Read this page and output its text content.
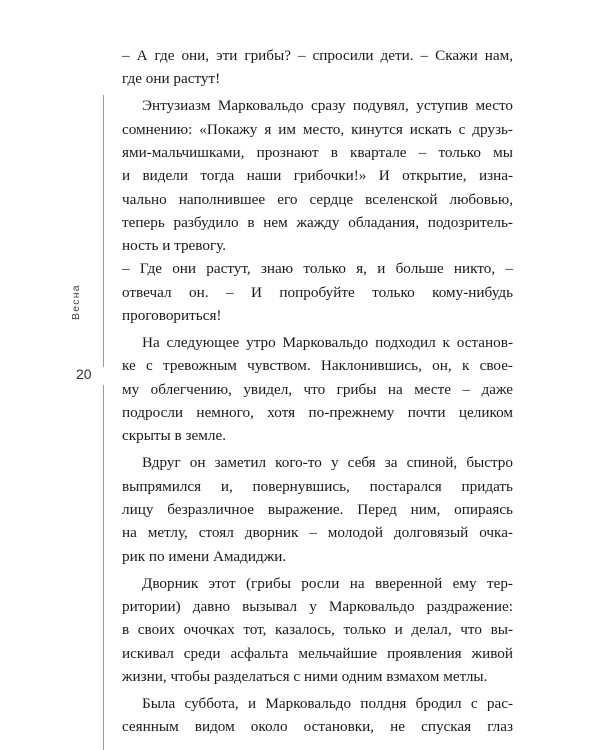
Весна
20

– А где они, эти грибы? – спросили дети. – Скажи нам,
где они растут!

Энтузиазм Марковальдо сразу подувял, уступив место
сомнению: «Покажу я им место, кинутся искать с друзь-
ями-мальчишками, прознают в квартале – только мы
и видели тогда наши грибочки!» И открытие, изна-
чально наполнившее его сердце вселенской любовью,
теперь разбудило в нем жажду обладания, подозритель-
ность и тревогу.

– Где они растут, знаю только я, и больше никто, –
отвечал он. – И попробуйте только кому-нибудь
проговориться!

На следующее утро Марковальдо подходил к останов-
ке с тревожным чувством. Наклонившись, он, к свое-
му облегчению, увидел, что грибы на месте – даже
подросли немного, хотя по-прежнему почти целиком
скрыты в земле.

Вдруг он заметил кого-то у себя за спиной, быстро
выпрямился и, повернувшись, постарался придать
лицу безразличное выражение. Перед ним, опираясь
на метлу, стоял дворник – молодой долговязый очка-
рик по имени Амадиджи.

Дворник этот (грибы росли на вверенной ему тер-
ритории) давно вызывал у Марковальдо раздражение:
в своих очочках тот, казалось, только и делал, что вы-
искивал среди асфальта мельчайшие проявления живой
жизни, чтобы разделаться с ними одним взмахом метлы.

Была суббота, и Марковальдо полдня бродил с рас-
сеянным видом около остановки, не спуская глаз
